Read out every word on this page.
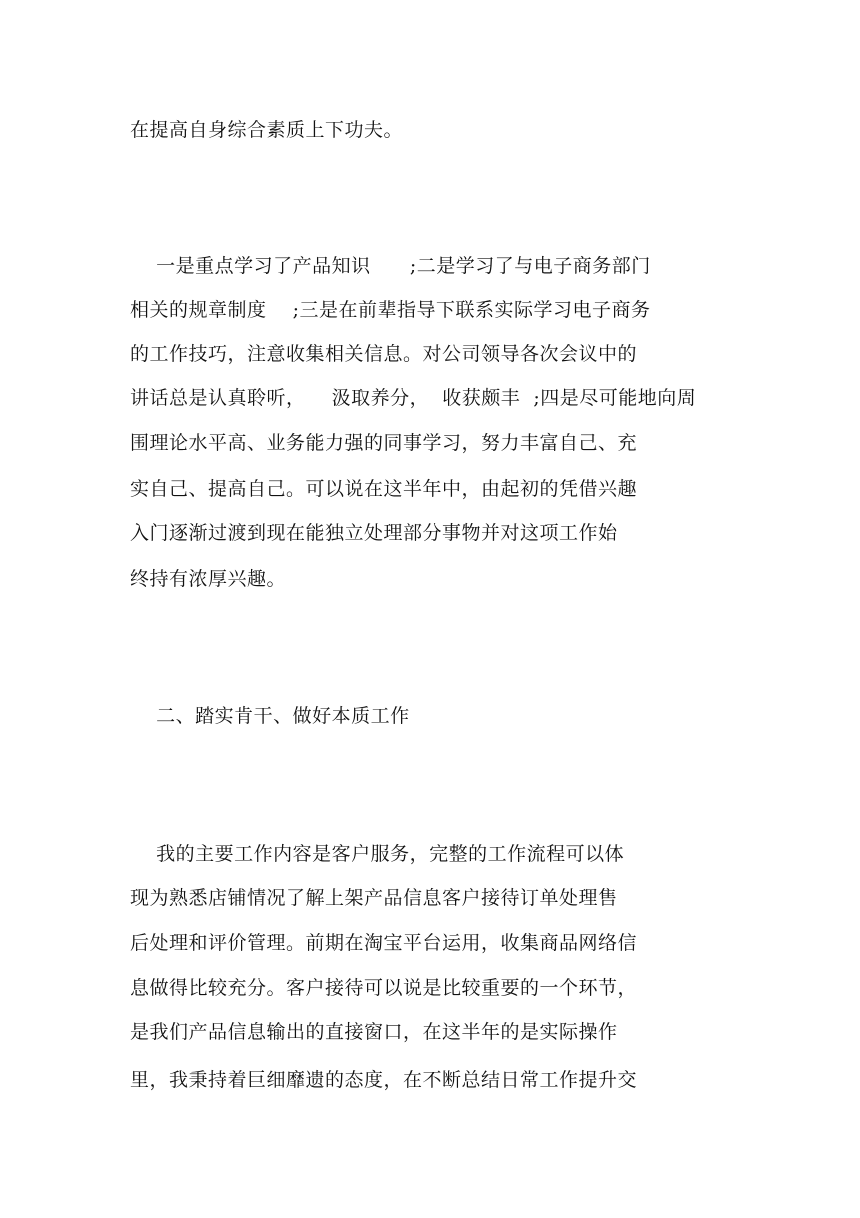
在提高自身综合素质上下功夫。
一是重点学习了产品知识      ;二是学习了与电子商务部门
相关的规章制度    ;三是在前辈指导下联系实际学习电子商务
的工作技巧，注意收集相关信息。对公司领导各次会议中的
讲话总是认真聆听，    汲取养分，  收获颇丰  ;四是尽可能地向周
围理论水平高、业务能力强的同事学习，努力丰富自己、充
实自己、提高自己。可以说在这半年中，由起初的凭借兴趣
入门逐渐过渡到现在能独立处理部分事物并对这项工作始
终持有浓厚兴趣。
二、踏实肯干、做好本质工作
我的主要工作内容是客户服务，完整的工作流程可以体
现为熟悉店铺情况了解上架产品信息客户接待订单处理售
后处理和评价管理。前期在淘宝平台运用，收集商品网络信
息做得比较充分。客户接待可以说是比较重要的一个环节，
是我们产品信息输出的直接窗口，在这半年的是实际操作
里，我秉持着巨细靡遗的态度，在不断总结日常工作提升交
